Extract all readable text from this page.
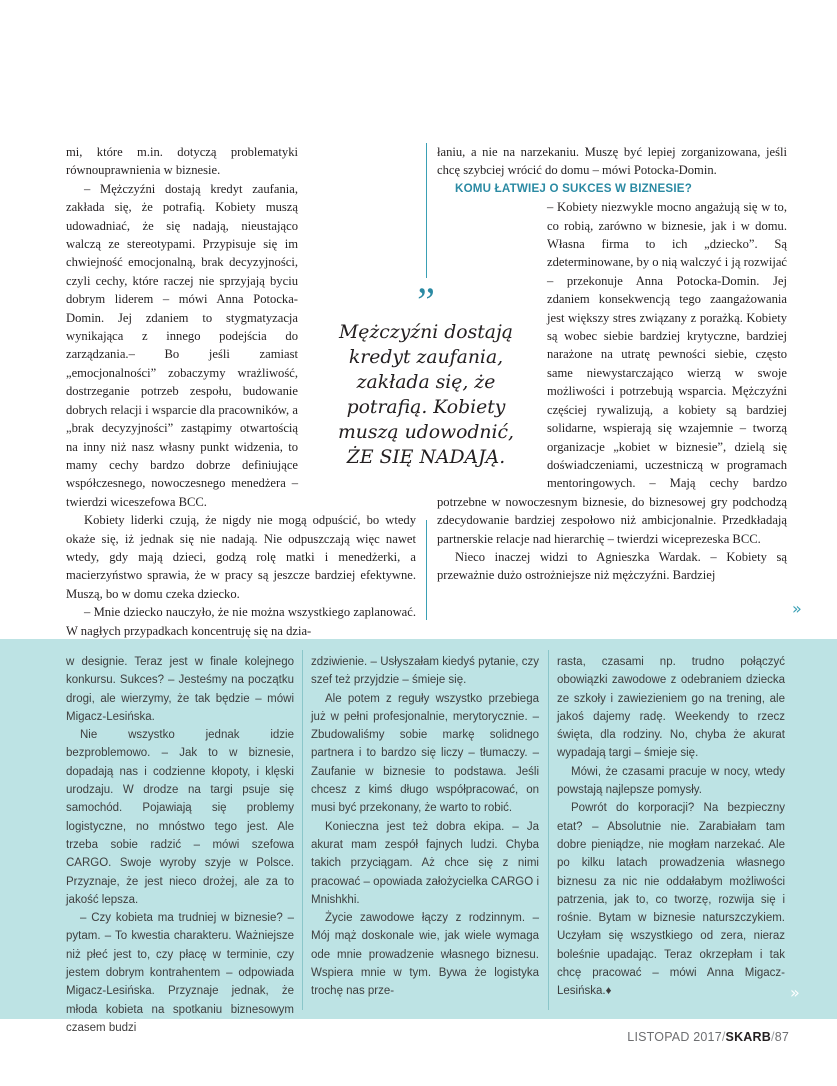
mi, które m.in. dotyczą problematyki równouprawnienia w biznesie.

– Mężczyźni dostają kredyt zaufania, zakłada się, że potrafią. Kobiety muszą udowadniać, że się nadają, nieustająco walczą ze stereotypami. Przypisuje się im chwiejność emocjonalną, brak decyzyjności, czyli cechy, które raczej nie sprzyjają byciu dobrym liderem – mówi Anna Potocka-Domin. Jej zdaniem to stygmatyzacja wynikająca z innego podejścia do zarządzania.– Bo jeśli zamiast „emocjonalności” zobaczymy wrażliwość, dostrzeganie potrzeb zespołu, budowanie dobrych relacji i wsparcie dla pracowników, a „brak decyzyjności” zastąpimy otwartością na inny niż nasz własny punkt widzenia, to mamy cechy bardzo dobrze definiujące współczesnego, nowoczesnego menedżera – twierdzi wiceszefowa BCC.

Kobiety liderki czują, że nigdy nie mogą odpuścić, bo wtedy okaże się, iż jednak się nie nadają. Nie odpuszczają więc nawet wtedy, gdy mają dzieci, godzą rolę matki i menedżerki, a macierzyństwo sprawia, że w pracy są jeszcze bardziej efektywne. Muszą, bo w domu czeka dziecko.

– Mnie dziecko nauczyło, że nie można wszystkiego zaplanować. W nagłych przypadkach koncentruję się na dzia-

łaniu, a nie na narzekaniu. Muszę być lepiej zorganizowana, jeśli chcę szybciej wrócić do domu – mówi Potocka-Domin.

KOMU ŁATWIEJ O SUKCES W BIZNESIE?

– Kobiety niezwykle mocno angażują się w to, co robią, zarówno w biznesie, jak i w domu. Własna firma to ich „dziecko”. Są zdeterminowane, by o nią walczyć i ją rozwijać – przekonuje Anna Potocka-Domin. Jej zdaniem konsekwencją tego zaangażowania jest większy stres związany z porażką. Kobiety są wobec siebie bardziej krytyczne, bardziej narażone na utratę pewności siebie, często same niewystarczająco wierzą w swoje możliwości i potrzebują wsparcia. Mężczyźni częściej rywalizują, a kobiety są bardziej solidarne, wspierają się wzajemnie – tworzą organizacje „kobiet w biznesie”, dzielą się doświadczeniami, uczestniczą w programach mentoringowych. – Mają cechy bardzo potrzebne w nowoczesnym biznesie, do biznesowej gry podchodzą zdecydowanie bardziej zespołowo niż ambicjonalnie. Przedkładają partnerskie relacje nad hierarchię – twierdzi wiceprezeska BCC.

Nieco inaczej widzi to Agnieszka Wardak. – Kobiety są przeważnie dużo ostrożniejsze niż mężczyźni. Bardziej

”
Mężczyźni dostają kredyt zaufania, zakłada się, że potrafią. Kobiety muszą udowodnić, ŻE SIĘ NADAJĄ.
»

w designie. Teraz jest w finale kolejnego konkursu. Sukces? – Jesteśmy na początku drogi, ale wierzymy, że tak będzie – mówi Migacz-Lesińska.

Nie wszystko jednak idzie bezproblemowo. – Jak to w biznesie, dopadają nas i codzienne kłopoty, i klęski urodzaju. W drodze na targi psuje się samochód. Pojawiają się problemy logistyczne, no mnóstwo tego jest. Ale trzeba sobie radzić – mówi szefowa CARGO. Swoje wyroby szyje w Polsce. Przyznaje, że jest nieco drożej, ale za to jakość lepsza.

– Czy kobieta ma trudniej w biznesie? – pytam. – To kwestia charakteru. Ważniejsze niż płeć jest to, czy płacę w terminie, czy jestem dobrym kontrahentem – odpowiada Migacz-Lesińska. Przyznaje jednak, że młoda kobieta na spotkaniu biznesowym czasem budzi

zdziwienie. – Usłyszałam kiedyś pytanie, czy szef też przyjdzie – śmieje się.

Ale potem z reguły wszystko przebiega już w pełni profesjonalnie, merytorycznie. – Zbudowaliśmy sobie markę solidnego partnera i to bardzo się liczy – tłumaczy. – Zaufanie w biznesie to podstawa. Jeśli chcesz z kimś długo współpracować, on musi być przekonany, że warto to robić.

Konieczna jest też dobra ekipa. – Ja akurat mam zespół fajnych ludzi. Chyba takich przyciągam. Aż chce się z nimi pracować – opowiada założycielka CARGO i Mnishkhi.

Życie zawodowe łączy z rodzinnym. – Mój mąż doskonale wie, jak wiele wymaga ode mnie prowadzenie własnego biznesu. Wspiera mnie w tym. Bywa że logistyka trochę nas prze-

rasta, czasami np. trudno połączyć obowiązki zawodowe z odebraniem dziecka ze szkoły i zawiezieniem go na trening, ale jakoś dajemy radę. Weekendy to rzecz święta, dla rodziny. No, chyba że akurat wypadają targi – śmieje się.

Mówi, że czasami pracuje w nocy, wtedy powstają najlepsze pomysły.

Powrót do korporacji? Na bezpieczny etat? – Absolutnie nie. Zarabiałam tam dobre pieniądze, nie mogłam narzekać. Ale po kilku latach prowadzenia własnego biznesu za nic nie oddałabym możliwości patrzenia, jak to, co tworzę, rozwija się i rośnie. Bytam w biznesie naturszczykiem. Uczyłam się wszystkiego od zera, nieraz boleśnie upadając. Teraz okrzepłam i tak chcę pracować – mówi Anna Migacz-Lesińska.♦	»
LISTOPAD 2017/SKARB/87
